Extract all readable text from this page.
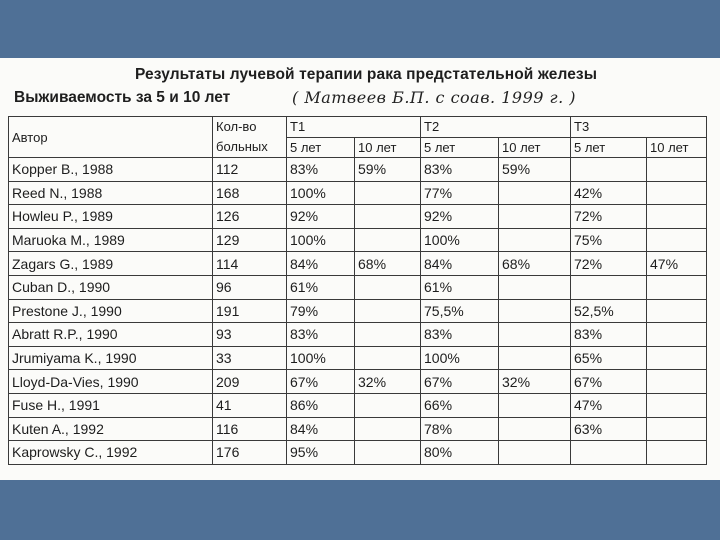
Результаты лучевой терапии рака предстательной железы
Выживаемость за 5 и 10 лет	( Матвеев Б.П. с соав. 1999 г. )
Автор	Кол-во больных	Т1		Т2		Т3	
		5 лет	10 лет	5 лет	10 лет	5 лет	10 лет
Kopper B., 1988	112	83%	59%	83%	59%		
Reed N., 1988	168	100%		77%		42%	
Howleu P., 1989	126	92%		92%		72%	
Maruoka M., 1989	129	100%		100%		75%	
Zagars G., 1989	114	84%	68%	84%	68%	72%	47%
Cuban D., 1990	96	61%		61%			
Prestone J., 1990	191	79%		75,5%		52,5%	
Abratt R.P., 1990	93	83%		83%		83%	
Jrumiyama K., 1990	33	100%		100%		65%	
Lloyd-Da-Vies, 1990	209	67%	32%	67%	32%	67%	
Fuse H., 1991	41	86%		66%		47%	
Kuten A., 1992	116	84%		78%		63%	
Kaprowsky C., 1992	176	95%		80%			
